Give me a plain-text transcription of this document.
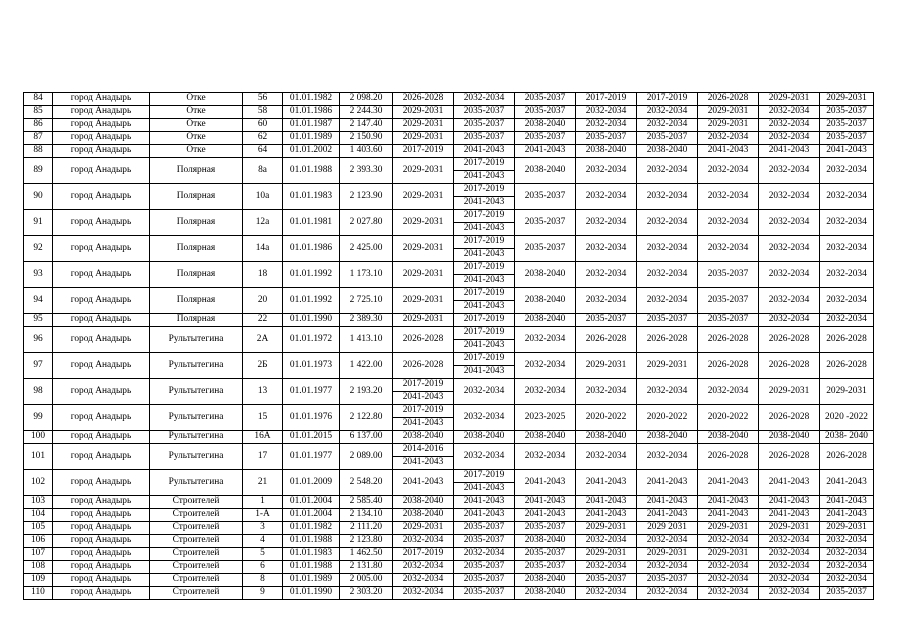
84	город Анадырь	Отке	56	01.01.1982	2 098.20	2026-2028	2032-2034	2035-2037	2017-2019	2017-2019	2026-2028	2029-2031	2029-2031
85	город Анадырь	Отке	58	01.01.1986	2 244.30	2029-2031	2035-2037	2035-2037	2032-2034	2032-2034	2029-2031	2032-2034	2035-2037
86	город Анадырь	Отке	60	01.01.1987	2 147.40	2029-2031	2035-2037	2038-2040	2032-2034	2032-2034	2029-2031	2032-2034	2035-2037
87	город Анадырь	Отке	62	01.01.1989	2 150.90	2029-2031	2035-2037	2035-2037	2035-2037	2035-2037	2032-2034	2032-2034	2035-2037
88	город Анадырь	Отке	64	01.01.2002	1 403.60	2017-2019	2041-2043	2041-2043	2038-2040	2038-2040	2041-2043	2041-2043	2041-2043
89	город Анадырь	Полярная	8а	01.01.1988	2 393.30	2029-2031	2017-2019
2041-2043	2038-2040	2032-2034	2032-2034	2032-2034	2032-2034	2032-2034
90	город Анадырь	Полярная	10а	01.01.1983	2 123.90	2029-2031	2017-2019
2041-2043	2035-2037	2032-2034	2032-2034	2032-2034	2032-2034	2032-2034
91	город Анадырь	Полярная	12а	01.01.1981	2 027.80	2029-2031	2017-2019
2041-2043	2035-2037	2032-2034	2032-2034	2032-2034	2032-2034	2032-2034
92	город Анадырь	Полярная	14а	01.01.1986	2 425.00	2029-2031	2017-2019
2041-2043	2035-2037	2032-2034	2032-2034	2032-2034	2032-2034	2032-2034
93	город Анадырь	Полярная	18	01.01.1992	1 173.10	2029-2031	2017-2019
2041-2043	2038-2040	2032-2034	2032-2034	2035-2037	2032-2034	2032-2034
94	город Анадырь	Полярная	20	01.01.1992	2 725.10	2029-2031	2017-2019
2041-2043	2038-2040	2032-2034	2032-2034	2035-2037	2032-2034	2032-2034
95	город Анадырь	Полярная	22	01.01.1990	2 389.30	2029-2031	2017-2019	2038-2040	2035-2037	2035-2037	2035-2037	2032-2034	2032-2034
96	город Анадырь	Рультытегина	2А	01.01.1972	1 413.10	2026-2028	2017-2019
2041-2043	2032-2034	2026-2028	2026-2028	2026-2028	2026-2028	2026-2028
97	город Анадырь	Рультытегина	2Б	01.01.1973	1 422.00	2026-2028	2017-2019
2041-2043	2032-2034	2029-2031	2029-2031	2026-2028	2026-2028	2026-2028
98	город Анадырь	Рультытегина	13	01.01.1977	2 193.20	2017-2019
2041-2043	2032-2034	2032-2034	2032-2034	2032-2034	2032-2034	2029-2031	2029-2031
99	город Анадырь	Рультытегина	15	01.01.1976	2 122.80	2017-2019
2041-2043	2032-2034	2023-2025	2020-2022	2020-2022	2020-2022	2026-2028	2020 -2022
100	город Анадырь	Рультытегина	16А	01.01.2015	6 137.00	2038-2040	2038-2040	2038-2040	2038-2040	2038-2040	2038-2040	2038-2040	2038- 2040
101	город Анадырь	Рультытегина	17	01.01.1977	2 089.00	2014-2016
2041-2043	2032-2034	2032-2034	2032-2034	2032-2034	2026-2028	2026-2028	2026-2028
102	город Анадырь	Рультытегина	21	01.01.2009	2 548.20	2041-2043	2017-2019
2041-2043	2041-2043	2041-2043	2041-2043	2041-2043	2041-2043	2041-2043
103	город Анадырь	Строителей	1	01.01.2004	2 585.40	2038-2040	2041-2043	2041-2043	2041-2043	2041-2043	2041-2043	2041-2043	2041-2043
104	город Анадырь	Строителей	1-А	01.01.2004	2 134.10	2038-2040	2041-2043	2041-2043	2041-2043	2041-2043	2041-2043	2041-2043	2041-2043
105	город Анадырь	Строителей	3	01.01.1982	2 111.20	2029-2031	2035-2037	2035-2037	2029-2031	2029 2031	2029-2031	2029-2031	2029-2031
106	город Анадырь	Строителей	4	01.01.1988	2 123.80	2032-2034	2035-2037	2038-2040	2032-2034	2032-2034	2032-2034	2032-2034	2032-2034
107	город Анадырь	Строителей	5	01.01.1983	1 462.50	2017-2019	2032-2034	2035-2037	2029-2031	2029-2031	2029-2031	2032-2034	2032-2034
108	город Анадырь	Строителей	6	01.01.1988	2 131.80	2032-2034	2035-2037	2035-2037	2032-2034	2032-2034	2032-2034	2032-2034	2032-2034
109	город Анадырь	Строителей	8	01.01.1989	2 005.00	2032-2034	2035-2037	2038-2040	2035-2037	2035-2037	2032-2034	2032-2034	2032-2034
110	город Анадырь	Строителей	9	01.01.1990	2 303.20	2032-2034	2035-2037	2038-2040	2032-2034	2032-2034	2032-2034	2032-2034	2035-2037
